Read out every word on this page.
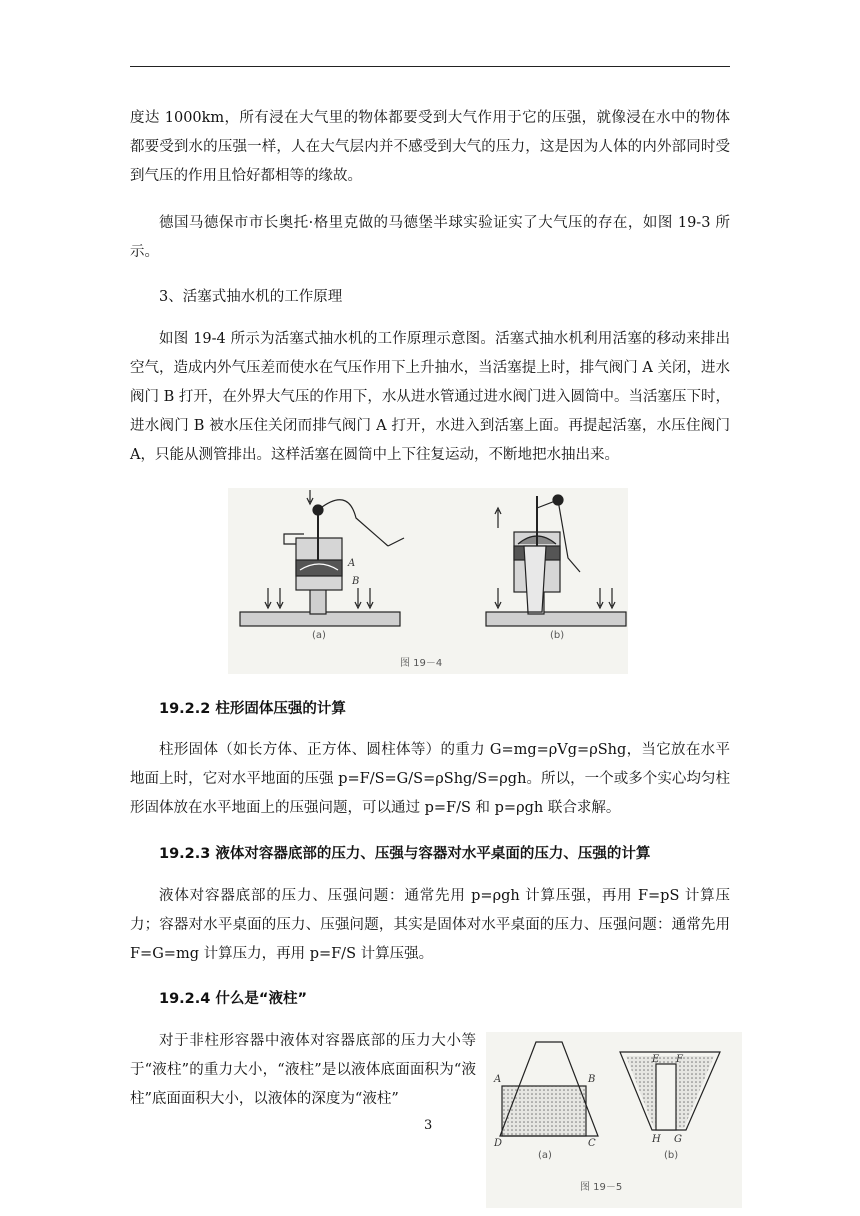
度达 1000km，所有浸在大气里的物体都要受到大气作用于它的压强，就像浸在水中的物体都要受到水的压强一样，人在大气层内并不感受到大气的压力，这是因为人体的内外部同时受到气压的作用且恰好都相等的缘故。

德国马德保市市长奥托·格里克做的马德堡半球实验证实了大气压的存在，如图 19-3 所示。

3、活塞式抽水机的工作原理

如图 19-4 所示为活塞式抽水机的工作原理示意图。活塞式抽水机利用活塞的移动来排出空气，造成内外气压差而使水在气压作用下上升抽水，当活塞提上时，排气阀门 A 关闭，进水阀门 B 打开，在外界大气压的作用下，水从进水管通过进水阀门进入圆筒中。当活塞压下时，进水阀门 B 被水压住关闭而排气阀门 A 打开，水进入到活塞上面。再提起活塞，水压住阀门 A，只能从测管排出。这样活塞在圆筒中上下往复运动，不断地把水抽出来。

A
B
(a)	(b)
图 19－4

19.2.2 柱形固体压强的计算

柱形固体（如长方体、正方体、圆柱体等）的重力 G=mg=ρVg=ρShg，当它放在水平地面上时，它对水平地面的压强 p=F/S=G/S=ρShg/S=ρgh。所以，一个或多个实心均匀柱形固体放在水平地面上的压强问题，可以通过 p=F/S 和 p=ρgh 联合求解。

19.2.3 液体对容器底部的压力、压强与容器对水平桌面的压力、压强的计算

液体对容器底部的压力、压强问题：通常先用 p=ρgh 计算压强，再用 F=pS 计算压力；容器对水平桌面的压力、压强问题，其实是固体对水平桌面的压力、压强问题：通常先用 F=G=mg 计算压力，再用 p=F/S 计算压强。

19.2.4 什么是“液柱”

对于非柱形容器中液体对容器底部的压力大小等于“液柱”的重力大小，“液柱”是以液体底面面积为“液柱”底面面积大小，以液体的深度为“液柱”

A	B
C
D
(a)
E F
G
H
(b)
图 19－5
3
